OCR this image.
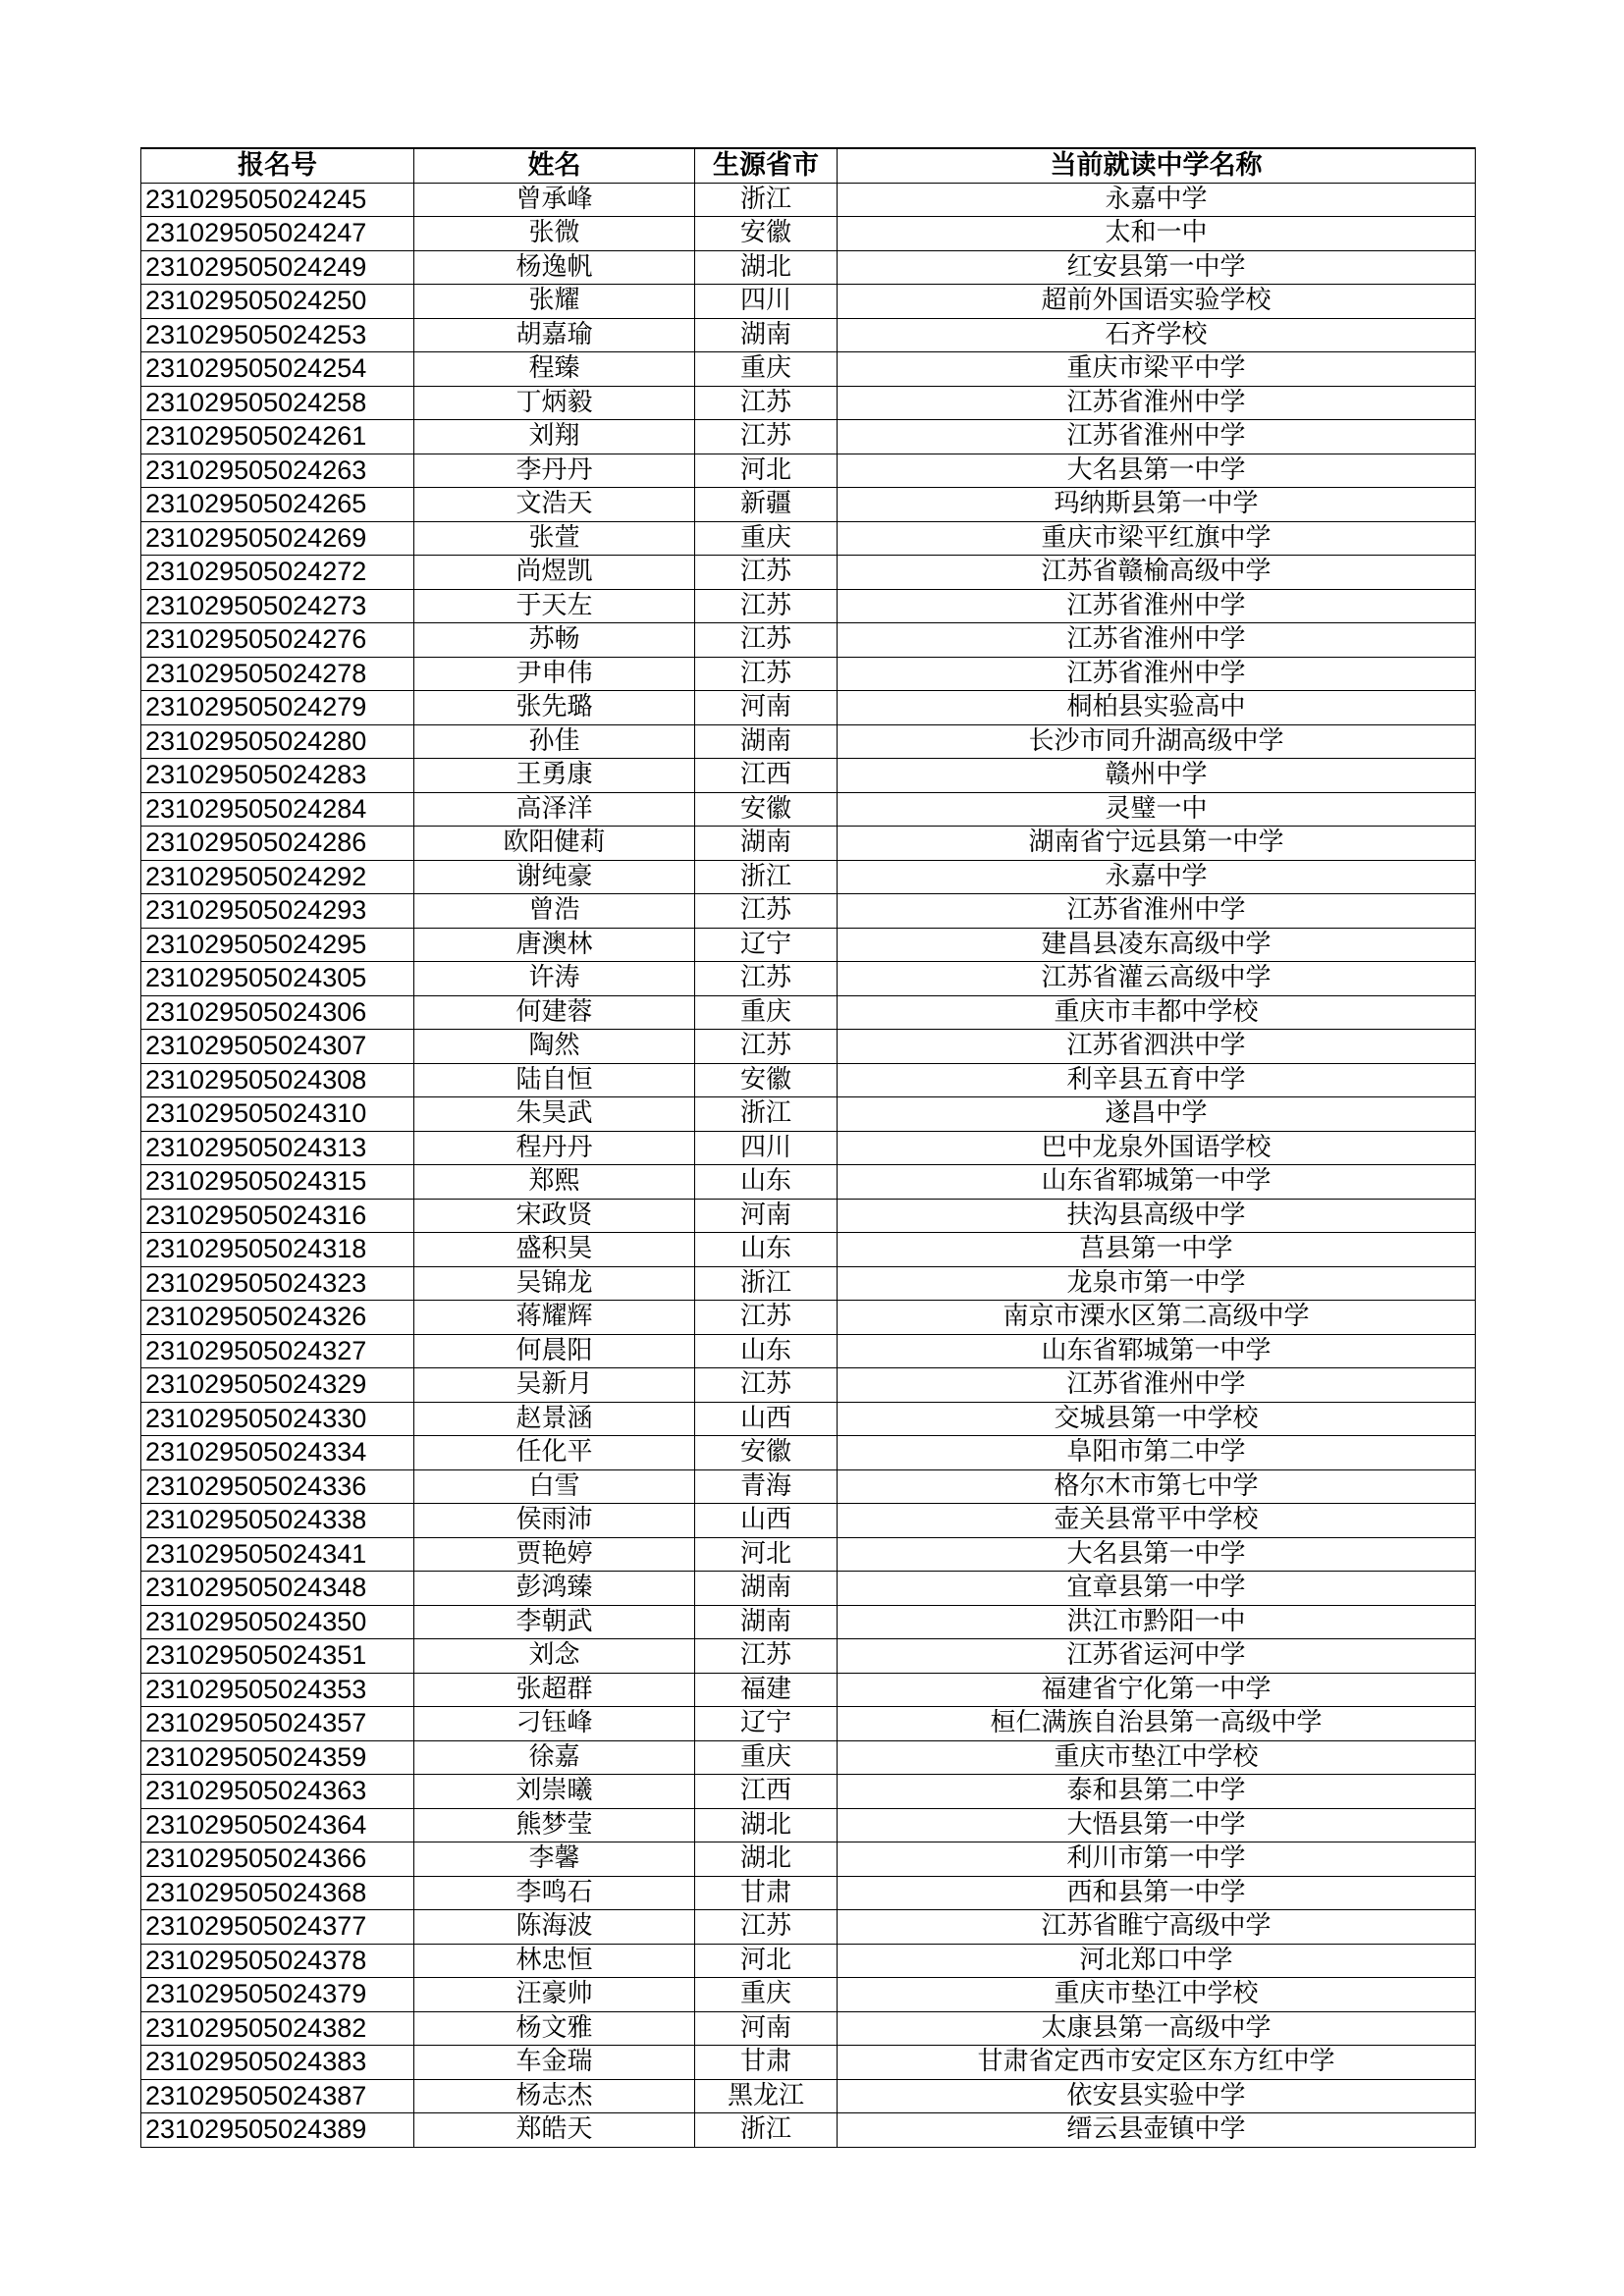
报名号	姓名	生源省市	当前就读中学名称
231029505024245	曾承峰	浙江	永嘉中学
231029505024247	张微	安徽	太和一中
231029505024249	杨逸帆	湖北	红安县第一中学
231029505024250	张耀	四川	超前外国语实验学校
231029505024253	胡嘉瑜	湖南	石齐学校
231029505024254	程臻	重庆	重庆市梁平中学
231029505024258	丁炳毅	江苏	江苏省淮州中学
231029505024261	刘翔	江苏	江苏省淮州中学
231029505024263	李丹丹	河北	大名县第一中学
231029505024265	文浩天	新疆	玛纳斯县第一中学
231029505024269	张萱	重庆	重庆市梁平红旗中学
231029505024272	尚煜凯	江苏	江苏省赣榆高级中学
231029505024273	于天左	江苏	江苏省淮州中学
231029505024276	苏畅	江苏	江苏省淮州中学
231029505024278	尹申伟	江苏	江苏省淮州中学
231029505024279	张先璐	河南	桐柏县实验高中
231029505024280	孙佳	湖南	长沙市同升湖高级中学
231029505024283	王勇康	江西	赣州中学
231029505024284	高泽洋	安徽	灵璧一中
231029505024286	欧阳健莉	湖南	湖南省宁远县第一中学
231029505024292	谢纯豪	浙江	永嘉中学
231029505024293	曾浩	江苏	江苏省淮州中学
231029505024295	唐澳林	辽宁	建昌县凌东高级中学
231029505024305	许涛	江苏	江苏省灌云高级中学
231029505024306	何建蓉	重庆	重庆市丰都中学校
231029505024307	陶然	江苏	江苏省泗洪中学
231029505024308	陆自恒	安徽	利辛县五育中学
231029505024310	朱昊武	浙江	遂昌中学
231029505024313	程丹丹	四川	巴中龙泉外国语学校
231029505024315	郑熙	山东	山东省郓城第一中学
231029505024316	宋政贤	河南	扶沟县高级中学
231029505024318	盛积昊	山东	莒县第一中学
231029505024323	吴锦龙	浙江	龙泉市第一中学
231029505024326	蒋耀辉	江苏	南京市溧水区第二高级中学
231029505024327	何晨阳	山东	山东省郓城第一中学
231029505024329	吴新月	江苏	江苏省淮州中学
231029505024330	赵景涵	山西	交城县第一中学校
231029505024334	任化平	安徽	阜阳市第二中学
231029505024336	白雪	青海	格尔木市第七中学
231029505024338	侯雨沛	山西	壶关县常平中学校
231029505024341	贾艳婷	河北	大名县第一中学
231029505024348	彭鸿臻	湖南	宜章县第一中学
231029505024350	李朝武	湖南	洪江市黔阳一中
231029505024351	刘念	江苏	江苏省运河中学
231029505024353	张超群	福建	福建省宁化第一中学
231029505024357	刁钰峰	辽宁	桓仁满族自治县第一高级中学
231029505024359	徐嘉	重庆	重庆市垫江中学校
231029505024363	刘崇曦	江西	泰和县第二中学
231029505024364	熊梦莹	湖北	大悟县第一中学
231029505024366	李馨	湖北	利川市第一中学
231029505024368	李鸣石	甘肃	西和县第一中学
231029505024377	陈海波	江苏	江苏省睢宁高级中学
231029505024378	林忠恒	河北	河北郑口中学
231029505024379	汪豪帅	重庆	重庆市垫江中学校
231029505024382	杨文雅	河南	太康县第一高级中学
231029505024383	车金瑞	甘肃	甘肃省定西市安定区东方红中学
231029505024387	杨志杰	黑龙江	依安县实验中学
231029505024389	郑皓天	浙江	缙云县壶镇中学
